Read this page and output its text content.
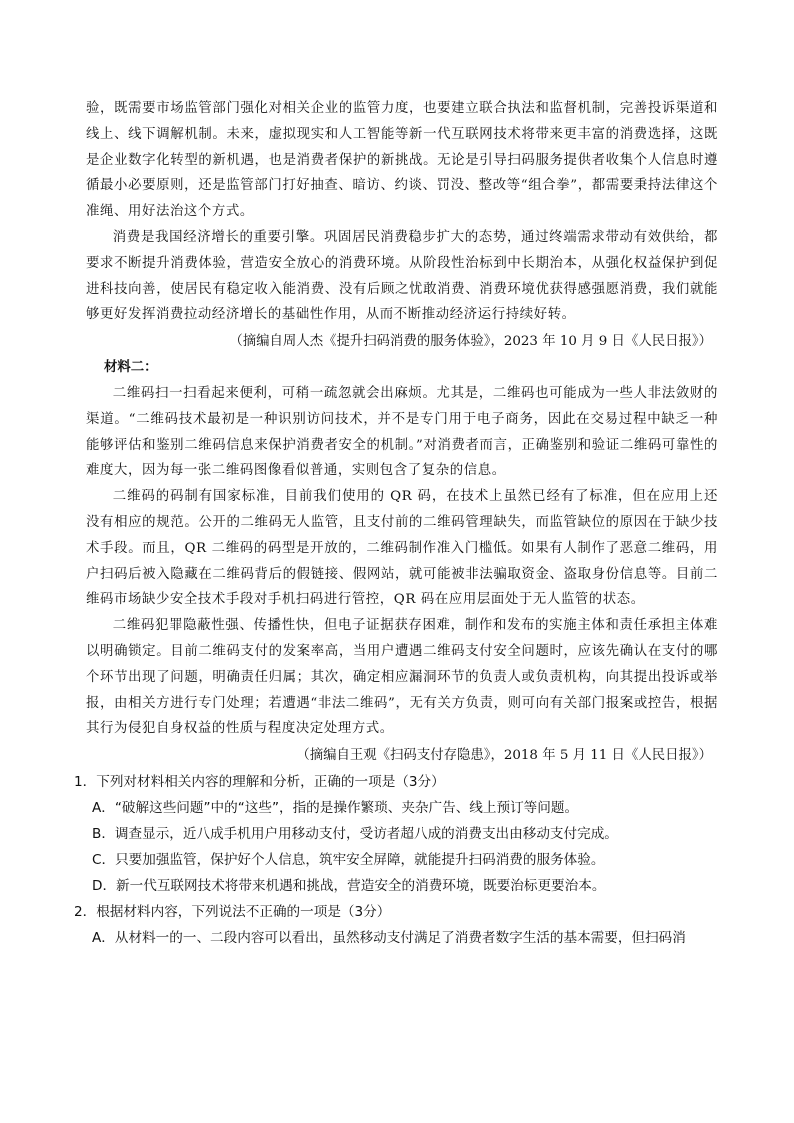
验，既需要市场监管部门强化对相关企业的监管力度，也要建立联合执法和监督机制，完善投诉渠道和线上、线下调解机制。未来，虚拟现实和人工智能等新一代互联网技术将带来更丰富的消费选择，这既是企业数字化转型的新机遇，也是消费者保护的新挑战。无论是引导扫码服务提供者收集个人信息时遵循最小必要原则，还是监管部门打好抽查、暗访、约谈、罚没、整改等“组合拳”，都需要秉持法律这个准绳、用好法治这个方式。

消费是我国经济增长的重要引擎。巩固居民消费稳步扩大的态势，通过终端需求带动有效供给，都要求不断提升消费体验，营造安全放心的消费环境。从阶段性治标到中长期治本，从强化权益保护到促进科技向善，使居民有稳定收入能消费、没有后顾之忧敢消费、消费环境优获得感强愿消费，我们就能够更好发挥消费拉动经济增长的基础性作用，从而不断推动经济运行持续好转。

（摘编自周人杰《提升扫码消费的服务体验》，2023 年 10 月 9 日《人民日报》）

材料二：

二维码扫一扫看起来便利，可稍一疏忽就会出麻烦。尤其是，二维码也可能成为一些人非法敛财的渠道。“二维码技术最初是一种识别访问技术，并不是专门用于电子商务，因此在交易过程中缺乏一种能够评估和鉴别二维码信息来保护消费者安全的机制。”对消费者而言，正确鉴别和验证二维码可靠性的难度大，因为每一张二维码图像看似普通，实则包含了复杂的信息。

二维码的码制有国家标准，目前我们使用的 QR 码，在技术上虽然已经有了标准，但在应用上还没有相应的规范。公开的二维码无人监管，且支付前的二维码管理缺失，而监管缺位的原因在于缺少技术手段。而且，QR 二维码的码型是开放的，二维码制作准入门槛低。如果有人制作了恶意二维码，用户扫码后被入隐藏在二维码背后的假链接、假网站，就可能被非法骗取资金、盗取身份信息等。目前二维码市场缺少安全技术手段对手机扫码进行管控，QR 码在应用层面处于无人监管的状态。

二维码犯罪隐蔽性强、传播性快，但电子证据获存困难，制作和发布的实施主体和责任承担主体难以明确锁定。目前二维码支付的发案率高，当用户遭遇二维码支付安全问题时，应该先确认在支付的哪个环节出现了问题，明确责任归属；其次，确定相应漏洞环节的负责人或负责机构，向其提出投诉或举报，由相关方进行专门处理；若遭遇“非法二维码”，无有关方负责，则可向有关部门报案或控告，根据其行为侵犯自身权益的性质与程度决定处理方式。

（摘编自王观《扫码支付存隐患》，2018 年 5 月 11 日《人民日报》）

1．下列对材料相关内容的理解和分析，正确的一项是（3分）

A．“破解这些问题”中的“这些”，指的是操作繁琐、夹杂广告、线上预订等问题。

B．调查显示，近八成手机用户用移动支付，受访者超八成的消费支出由移动支付完成。

C．只要加强监管，保护好个人信息，筑牢安全屏障，就能提升扫码消费的服务体验。

D．新一代互联网技术将带来机遇和挑战，营造安全的消费环境，既要治标更要治本。

2．根据材料内容，下列说法不正确的一项是（3分）

A．从材料一的一、二段内容可以看出，虽然移动支付满足了消费者数字生活的基本需要，但扫码消
